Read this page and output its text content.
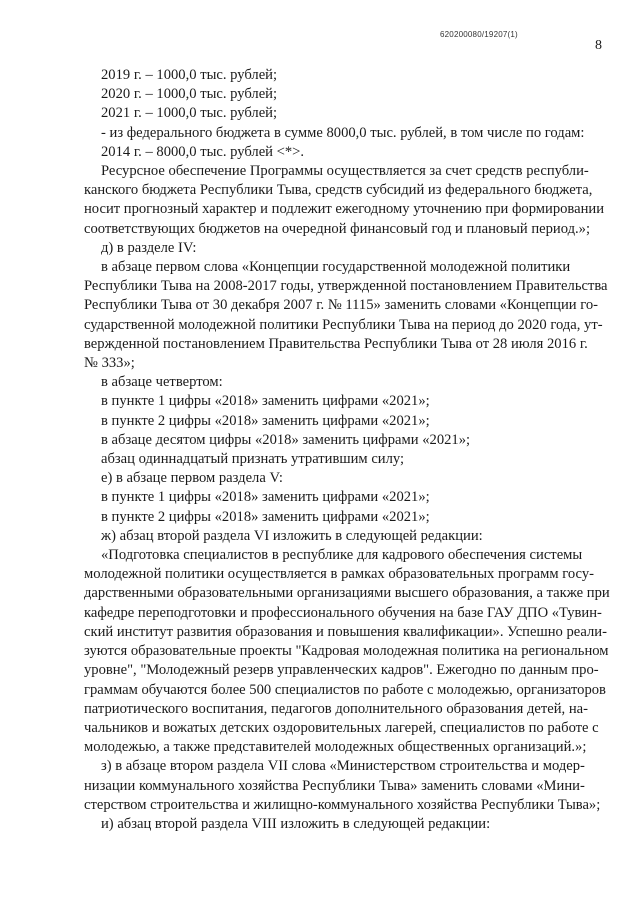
620200080/19207(1)
8
2019 г. – 1000,0 тыс. рублей;
2020 г. – 1000,0 тыс. рублей;
2021 г. – 1000,0 тыс. рублей;
- из федерального бюджета в сумме 8000,0 тыс. рублей, в том числе по годам:
2014 г. – 8000,0 тыс. рублей <*>.
Ресурсное обеспечение Программы осуществляется за счет средств республи-
канского бюджета Республики Тыва, средств субсидий из федерального бюджета,
носит прогнозный характер и подлежит ежегодному уточнению при формировании
соответствующих бюджетов на очередной финансовый год и плановый период.»;
д) в разделе IV:
в абзаце первом слова «Концепции государственной молодежной политики
Республики Тыва на 2008-2017 годы, утвержденной постановлением Правительства
Республики Тыва от 30 декабря 2007 г. № 1115» заменить словами «Концепции го-
сударственной молодежной политики Республики Тыва на период до 2020 года, ут-
вержденной постановлением Правительства Республики Тыва от 28 июля 2016 г.
№ 333»;
в абзаце четвертом:
в пункте 1 цифры «2018» заменить цифрами «2021»;
в пункте 2 цифры «2018» заменить цифрами «2021»;
в абзаце десятом цифры «2018» заменить цифрами «2021»;
абзац одиннадцатый признать утратившим силу;
е) в абзаце первом раздела V:
в пункте 1 цифры «2018» заменить цифрами «2021»;
в пункте 2 цифры «2018» заменить цифрами «2021»;
ж) абзац второй раздела VI изложить в следующей редакции:
«Подготовка специалистов в республике для кадрового обеспечения системы
молодежной политики осуществляется в рамках образовательных программ госу-
дарственными образовательными организациями высшего образования, а также при
кафедре переподготовки и профессионального обучения на базе ГАУ ДПО «Тувин-
ский институт развития образования и повышения квалификации». Успешно реали-
зуются образовательные проекты "Кадровая молодежная политика на региональном
уровне", "Молодежный резерв управленческих кадров". Ежегодно по данным про-
граммам обучаются более 500 специалистов по работе с молодежью, организаторов
патриотического воспитания, педагогов дополнительного образования детей, на-
чальников и вожатых детских оздоровительных лагерей, специалистов по работе с
молодежью, а также представителей молодежных общественных организаций.»;
з) в абзаце втором раздела VII слова «Министерством строительства и модер-
низации коммунального хозяйства Республики Тыва» заменить словами «Мини-
стерством строительства и жилищно-коммунального хозяйства Республики Тыва»;
и) абзац второй раздела VIII изложить в следующей редакции:
